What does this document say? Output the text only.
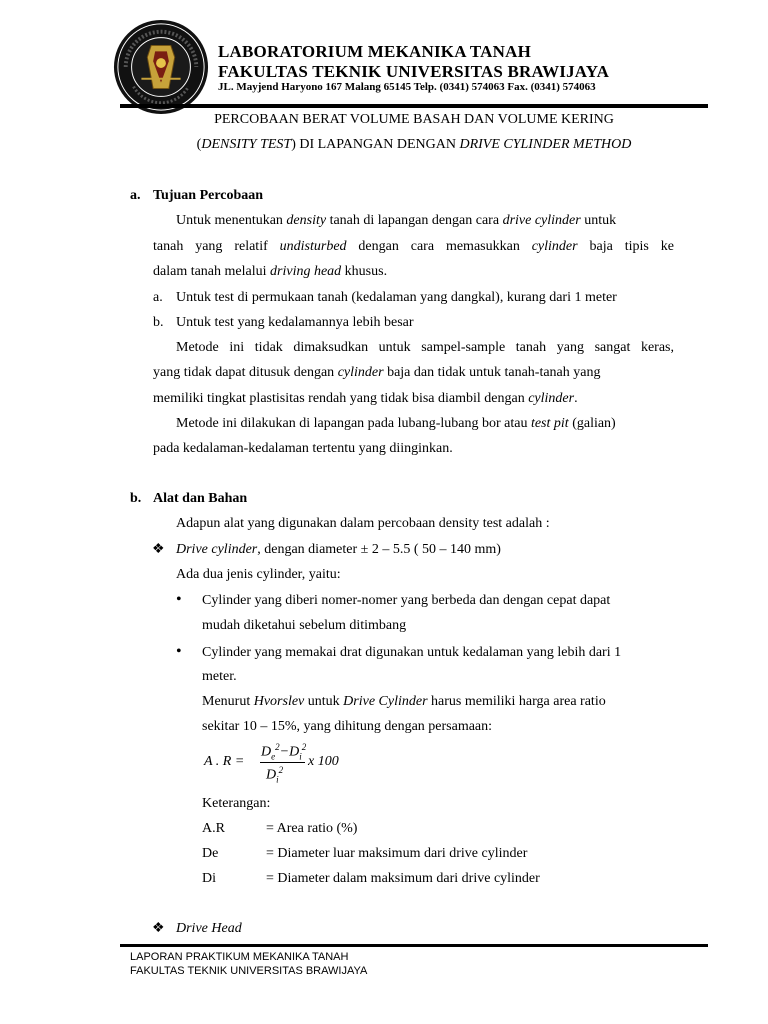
LABORATORIUM MEKANIKA TANAH
FAKULTAS TEKNIK UNIVERSITAS BRAWIJAYA
JL. Mayjend Haryono 167 Malang 65145 Telp. (0341) 574063 Fax. (0341) 574063
PERCOBAAN BERAT VOLUME BASAH DAN VOLUME KERING
(DENSITY TEST) DI LAPANGAN DENGAN DRIVE CYLINDER METHOD
a. Tujuan Percobaan
Untuk menentukan density tanah di lapangan dengan cara drive cylinder untuk
tanah yang relatif undisturbed dengan cara memasukkan cylinder baja tipis ke
dalam tanah melalui driving head khusus.
a. Untuk test di permukaan tanah (kedalaman yang dangkal), kurang dari 1 meter
b. Untuk test yang kedalamannya lebih besar
Metode ini tidak dimaksudkan untuk sampel-sample tanah yang sangat keras,
yang tidak dapat ditusuk dengan cylinder baja dan tidak untuk tanah-tanah yang
memiliki tingkat plastisitas rendah yang tidak bisa diambil dengan cylinder.
Metode ini dilakukan di lapangan pada lubang-lubang bor atau test pit (galian)
pada kedalaman-kedalaman tertentu yang diinginkan.
b. Alat dan Bahan
Adapun alat yang digunakan dalam percobaan density test adalah :
❖ Drive cylinder, dengan diameter ± 2 – 5.5 ( 50 – 140 mm)
Ada dua jenis cylinder, yaitu:
• Cylinder yang diberi nomer-nomer yang berbeda dan dengan cepat dapat
mudah diketahui sebelum ditimbang
• Cylinder yang memakai drat digunakan untuk kedalaman yang lebih dari 1
meter.
Menurut Hvorslev untuk Drive Cylinder harus memiliki harga area ratio
sekitar 10 – 15%, yang dihitung dengan persamaan:
A . R =
$D_e^2-D_i^2$
$D_i^2$
x 100
Keterangan:
A.R	= Area ratio (%)
De	= Diameter luar maksimum dari drive cylinder
Di	= Diameter dalam maksimum dari drive cylinder
❖ Drive Head
LAPORAN PRAKTIKUM MEKANIKA TANAH
FAKULTAS TEKNIK UNIVERSITAS BRAWIJAYA
